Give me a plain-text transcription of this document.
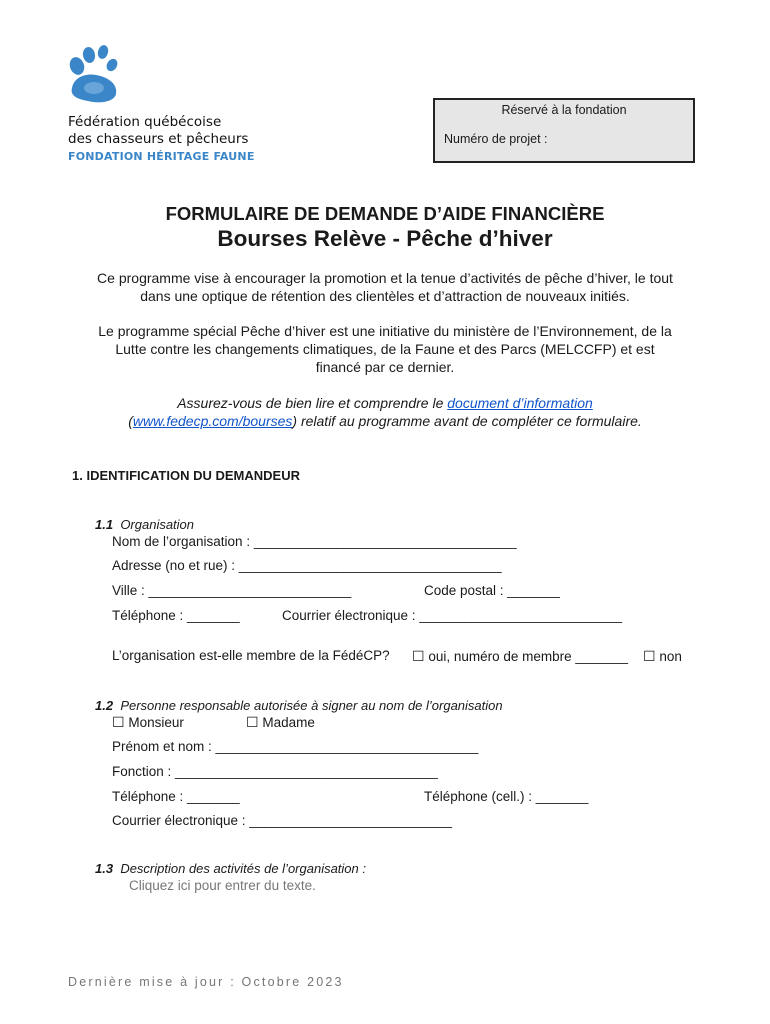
Fédération québécoise
des chasseurs et pêcheurs
FONDATION HÉRITAGE FAUNE
Réservé à la fondation
Numéro de projet :
FORMULAIRE DE DEMANDE D’AIDE FINANCIÈRE
Bourses Relève - Pêche d’hiver
Ce programme vise à encourager la promotion et la tenue d’activités de pêche d’hiver, le tout
dans une optique de rétention des clientèles et d’attraction de nouveaux initiés.
Le programme spécial Pêche d’hiver est une initiative du ministère de l’Environnement, de la
Lutte contre les changements climatiques, de la Faune et des Parcs (MELCCFP) et est
financé par ce dernier.
Assurez-vous de bien lire et comprendre le document d’information
(www.fedecp.com/bourses) relatif au programme avant de compléter ce formulaire.
1. IDENTIFICATION DU DEMANDEUR
1.1 Organisation
Nom de l’organisation : ___________________________________
Adresse (no et rue) : ___________________________________
Ville : ___________________________	Code postal : _______
Téléphone : _______	Courrier électronique : ___________________________
L’organisation est-elle membre de la FédéCP? ☐ oui, numéro de membre _______ ☐ non
1.2 Personne responsable autorisée à signer au nom de l’organisation
☐ Monsieur	☐ Madame
Prénom et nom : ___________________________________
Fonction : ___________________________________
Téléphone : _______	Téléphone (cell.) : _______
Courrier électronique : ___________________________
1.3 Description des activités de l’organisation :
Cliquez ici pour entrer du texte.
Dernière mise à jour : Octobre 2023
